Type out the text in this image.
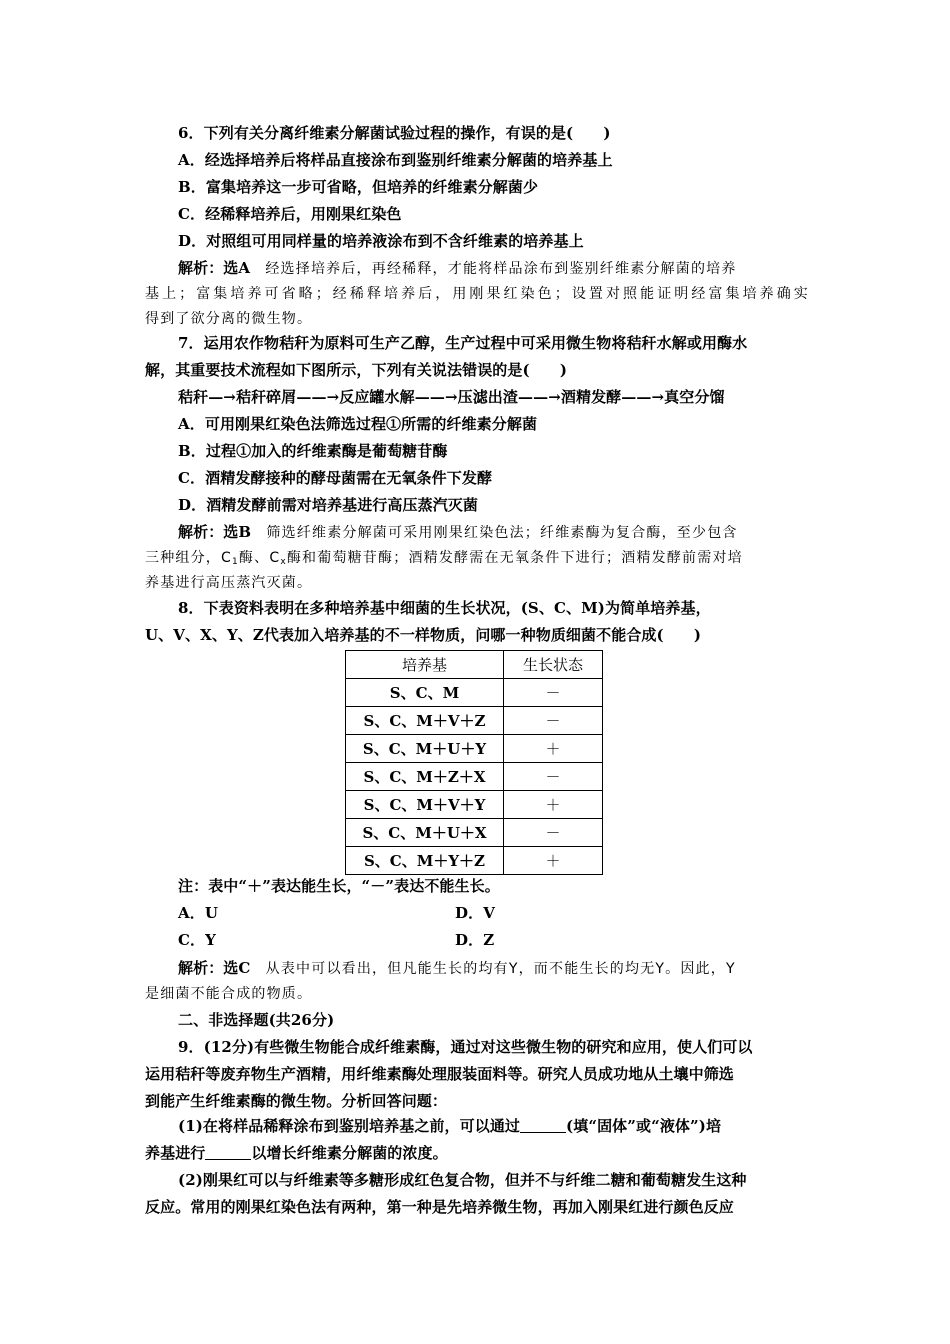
6．下列有关分离纤维素分解菌试验过程的操作，有误的是(　　)
A．经选择培养后将样品直接涂布到鉴别纤维素分解菌的培养基上
B．富集培养这一步可省略，但培养的纤维素分解菌少
C．经稀释培养后，用刚果红染色
D．对照组可用同样量的培养液涂布到不含纤维素的培养基上
解析：选A　 经选择培养后，再经稀释，才能将样品涂布到鉴别纤维素分解菌的培养
基上；富集培养可省略；经稀释培养后，用刚果红染色；设置对照能证明经富集培养确实
得到了欲分离的微生物。
7．运用农作物秸秆为原料可生产乙醇，生产过程中可采用微生物将秸秆水解或用酶水
解，其重要技术流程如下图所示，下列有关说法错误的是(　　)
秸秆—→秸秆碎屑——→反应罐水解——→压滤出渣——→酒精发酵——→真空分馏
A．可用刚果红染色法筛选过程①所需的纤维素分解菌
B．过程①加入的纤维素酶是葡萄糖苷酶
C．酒精发酵接种的酵母菌需在无氧条件下发酵
D．酒精发酵前需对培养基进行高压蒸汽灭菌
解析：选B　 筛选纤维素分解菌可采用刚果红染色法；纤维素酶为复合酶，至少包含
三种组分，$C_1$酶、$C_x$酶和葡萄糖苷酶；酒精发酵需在无氧条件下进行；酒精发酵前需对培
养基进行高压蒸汽灭菌。
8．下表资料表明在多种培养基中细菌的生长状况，(S、C、M)为简单培养基，
U、V、X、Y、Z代表加入培养基的不一样物质，问哪一种物质细菌不能合成(　　)
培养基	生长状态
S、C、M	－
S、C、M＋V＋Z	－
S、C、M＋U＋Y	＋
S、C、M＋Z＋X	－
S、C、M＋V＋Y	＋
S、C、M＋U＋X	－
S、C、M＋Y＋Z	＋
注：表中“＋”表达能生长，“－”表达不能生长。
A．U	D．V
C．Y	D．Z
解析：选C　 从表中可以看出，但凡能生长的均有Y，而不能生长的均无Y。因此，Y
是细菌不能合成的物质。
二、非选择题(共26分)
9．(12分)有些微生物能合成纤维素酶，通过对这些微生物的研究和应用，使人们可以
运用秸秆等废弃物生产酒精，用纤维素酶处理服装面料等。研究人员成功地从土壤中筛选
到能产生纤维素酶的微生物。分析回答问题：
(1)在将样品稀释涂布到鉴别培养基之前，可以通过	(填“固体”或“液体”)培
养基进行	以增长纤维素分解菌的浓度。
(2)刚果红可以与纤维素等多糖形成红色复合物，但并不与纤维二糖和葡萄糖发生这种
反应。常用的刚果红染色法有两种，第一种是先培养微生物，再加入刚果红进行颜色反应
